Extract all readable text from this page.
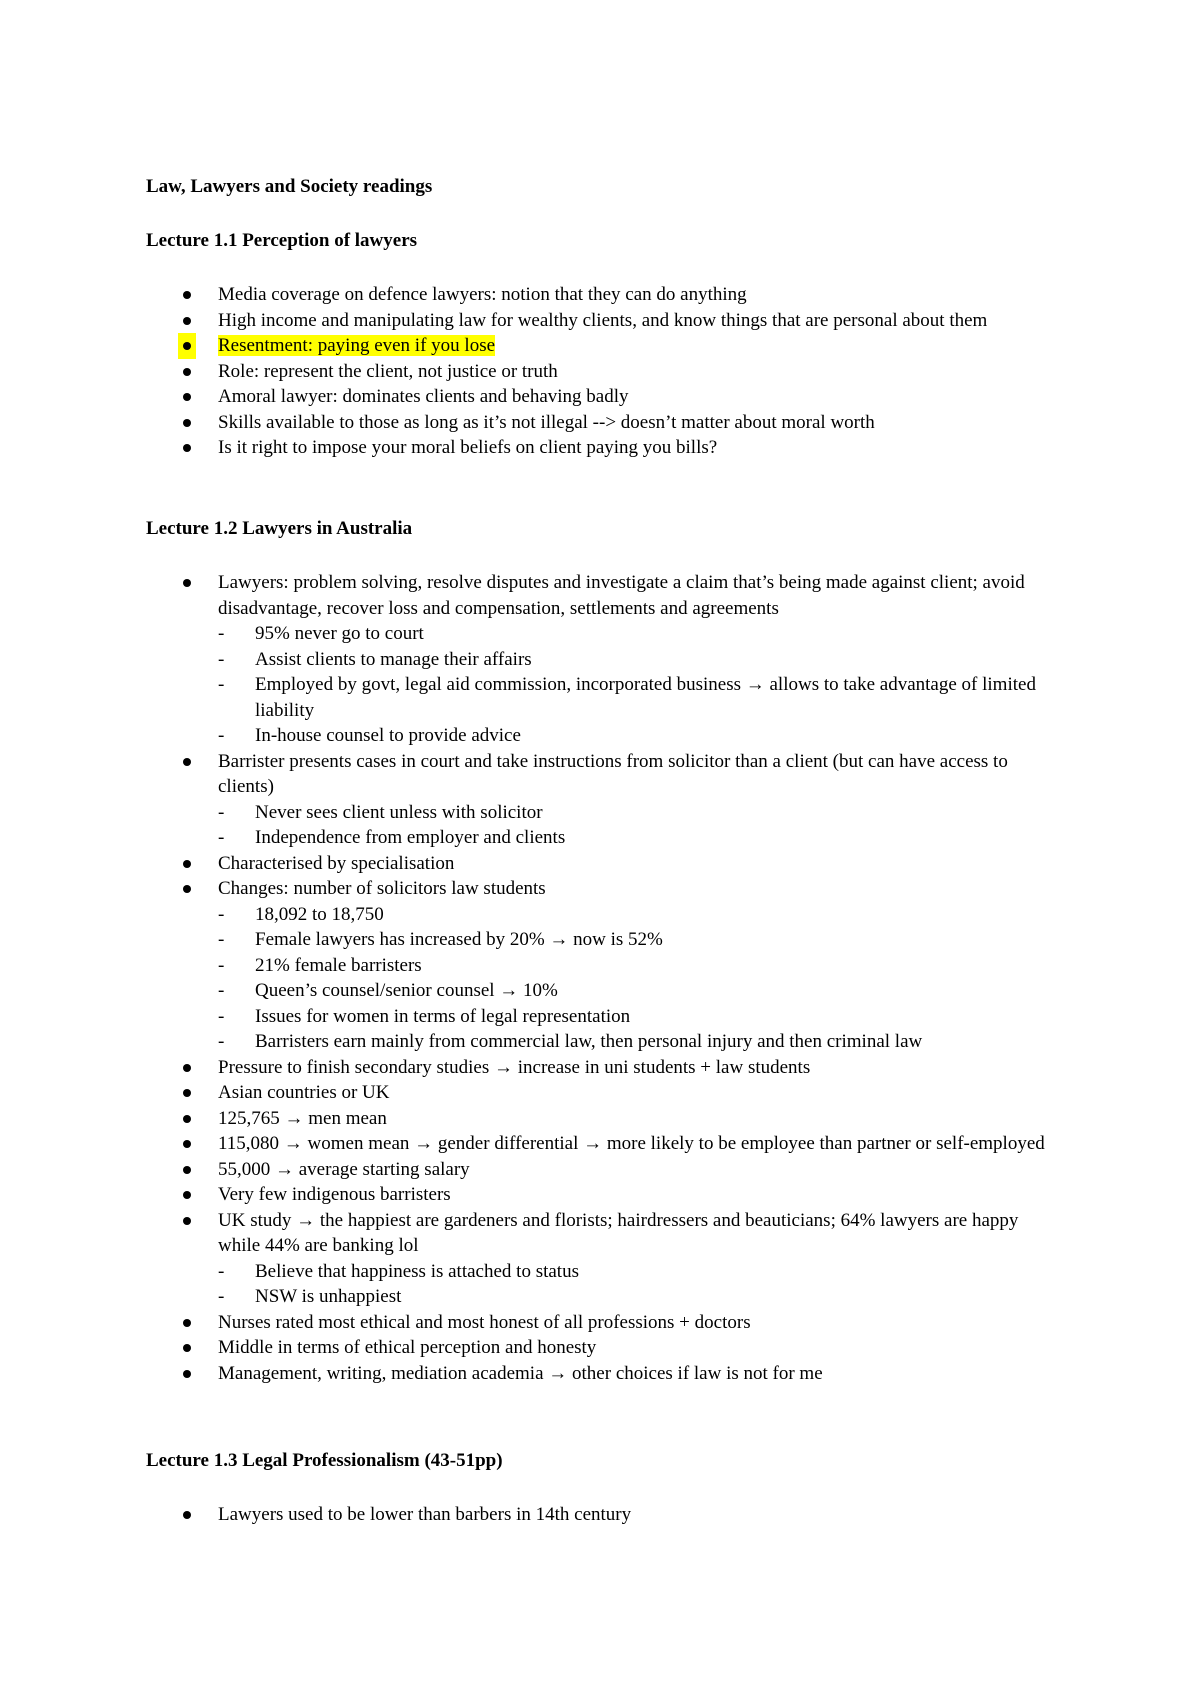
Law, Lawyers and Society readings

Lecture 1.1 Perception of lawyers

Media coverage on defence lawyers: notion that they can do anything
High income and manipulating law for wealthy clients, and know things that are personal about them
Resentment: paying even if you lose
Role: represent the client, not justice or truth
Amoral lawyer: dominates clients and behaving badly
Skills available to those as long as it’s not illegal --> doesn’t matter about moral worth
Is it right to impose your moral beliefs on client paying you bills?

Lecture 1.2 Lawyers in Australia

Lawyers: problem solving, resolve disputes and investigate a claim that’s being made against client; avoid disadvantage, recover loss and compensation, settlements and agreements
- 95% never go to court
- Assist clients to manage their affairs
- Employed by govt, legal aid commission, incorporated business → allows to take advantage of limited liability
- In-house counsel to provide advice
Barrister presents cases in court and take instructions from solicitor than a client (but can have access to clients)
- Never sees client unless with solicitor
- Independence from employer and clients
Characterised by specialisation
Changes: number of solicitors law students
- 18,092 to 18,750
- Female lawyers has increased by 20% → now is 52%
- 21% female barristers
- Queen’s counsel/senior counsel → 10%
- Issues for women in terms of legal representation
- Barristers earn mainly from commercial law, then personal injury and then criminal law
Pressure to finish secondary studies → increase in uni students + law students
Asian countries or UK
125,765 → men mean
115,080 → women mean → gender differential → more likely to be employee than partner or self-employed
55,000 → average starting salary
Very few indigenous barristers
UK study → the happiest are gardeners and florists; hairdressers and beauticians; 64% lawyers are happy while 44% are banking lol
- Believe that happiness is attached to status
- NSW is unhappiest
Nurses rated most ethical and most honest of all professions + doctors
Middle in terms of ethical perception and honesty
Management, writing, mediation academia → other choices if law is not for me

Lecture 1.3 Legal Professionalism (43-51pp)

Lawyers used to be lower than barbers in 14th century
